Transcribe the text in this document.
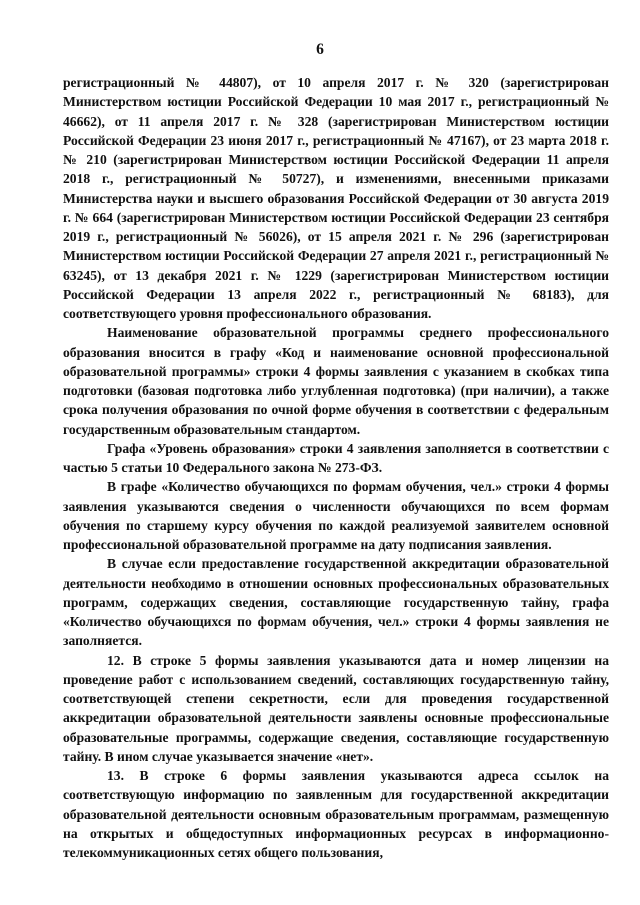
6

регистрационный № 44807), от 10 апреля 2017 г. № 320 (зарегистрирован Министерством юстиции Российской Федерации 10 мая 2017 г., регистрационный № 46662), от 11 апреля 2017 г. № 328 (зарегистрирован Министерством юстиции Российской Федерации 23 июня 2017 г., регистрационный № 47167), от 23 марта 2018 г. № 210 (зарегистрирован Министерством юстиции Российской Федерации 11 апреля 2018 г., регистрационный № 50727), и изменениями, внесенными приказами Министерства науки и высшего образования Российской Федерации от 30 августа 2019 г. № 664 (зарегистрирован Министерством юстиции Российской Федерации 23 сентября 2019 г., регистрационный № 56026), от 15 апреля 2021 г. № 296 (зарегистрирован Министерством юстиции Российской Федерации 27 апреля 2021 г., регистрационный № 63245), от 13 декабря 2021 г. № 1229 (зарегистрирован Министерством юстиции Российской Федерации 13 апреля 2022 г., регистрационный № 68183), для соответствующего уровня профессионального образования.

Наименование образовательной программы среднего профессионального образования вносится в графу «Код и наименование основной профессиональной образовательной программы» строки 4 формы заявления с указанием в скобках типа подготовки (базовая подготовка либо углубленная подготовка) (при наличии), а также срока получения образования по очной форме обучения в соответствии с федеральным государственным образовательным стандартом.

Графа «Уровень образования» строки 4 заявления заполняется в соответствии с частью 5 статьи 10 Федерального закона № 273-ФЗ.

В графе «Количество обучающихся по формам обучения, чел.» строки 4 формы заявления указываются сведения о численности обучающихся по всем формам обучения по старшему курсу обучения по каждой реализуемой заявителем основной профессиональной образовательной программе на дату подписания заявления.

В случае если предоставление государственной аккредитации образовательной деятельности необходимо в отношении основных профессиональных образовательных программ, содержащих сведения, составляющие государственную тайну, графа «Количество обучающихся по формам обучения, чел.» строки 4 формы заявления не заполняется.

12. В строке 5 формы заявления указываются дата и номер лицензии на проведение работ с использованием сведений, составляющих государственную тайну, соответствующей степени секретности, если для проведения государственной аккредитации образовательной деятельности заявлены основные профессиональные образовательные программы, содержащие сведения, составляющие государственную тайну. В ином случае указывается значение «нет».

13. В строке 6 формы заявления указываются адреса ссылок на соответствующую информацию по заявленным для государственной аккредитации образовательной деятельности основным образовательным программам, размещенную на открытых и общедоступных информационных ресурсах в информационно-телекоммуникационных сетях общего пользования,
